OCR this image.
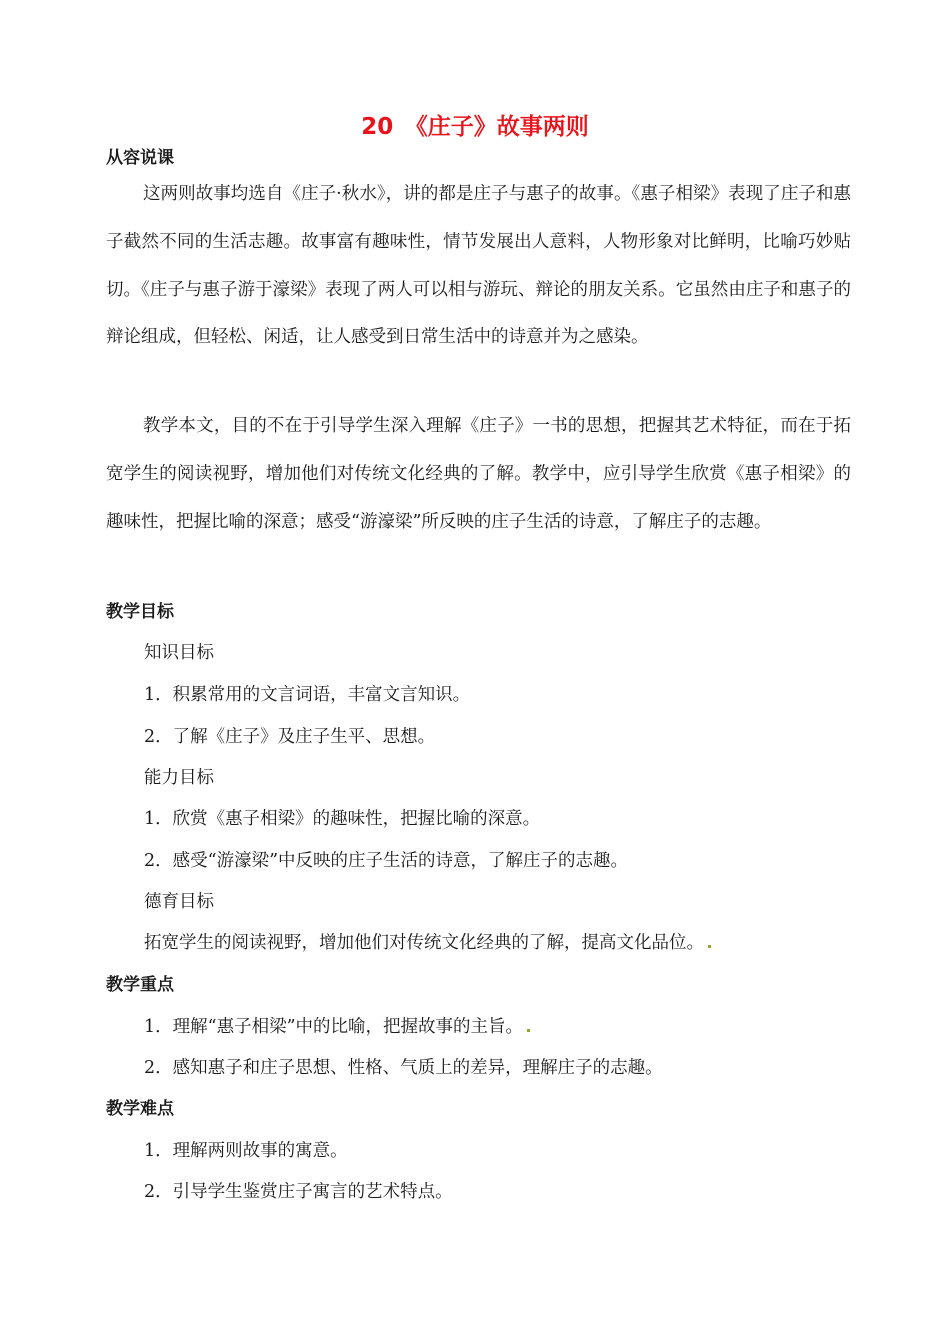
20　《庄子》故事两则
从容说课

这两则故事均选自《庄子·秋水》，讲的都是庄子与惠子的故事。《惠子相梁》表现了庄子和惠子截然不同的生活志趣。故事富有趣味性，情节发展出人意料，人物形象对比鲜明，比喻巧妙贴切。《庄子与惠子游于濠梁》表现了两人可以相与游玩、辩论的朋友关系。它虽然由庄子和惠子的辩论组成，但轻松、闲适，让人感受到日常生活中的诗意并为之感染。

教学本文，目的不在于引导学生深入理解《庄子》一书的思想，把握其艺术特征，而在于拓宽学生的阅读视野，增加他们对传统文化经典的了解。教学中，应引导学生欣赏《惠子相梁》的趣味性，把握比喻的深意；感受“游濠梁”所反映的庄子生活的诗意，了解庄子的志趣。

教学目标
知识目标
1．积累常用的文言词语，丰富文言知识。
2．了解《庄子》及庄子生平、思想。
能力目标
1．欣赏《惠子相梁》的趣味性，把握比喻的深意。
2．感受“游濠梁”中反映的庄子生活的诗意，了解庄子的志趣。
德育目标
拓宽学生的阅读视野，增加他们对传统文化经典的了解，提高文化品位。
教学重点
1．理解“惠子相梁”中的比喻，把握故事的主旨。
2．感知惠子和庄子思想、性格、气质上的差异，理解庄子的志趣。
教学难点
1．理解两则故事的寓意。
2．引导学生鉴赏庄子寓言的艺术特点。
